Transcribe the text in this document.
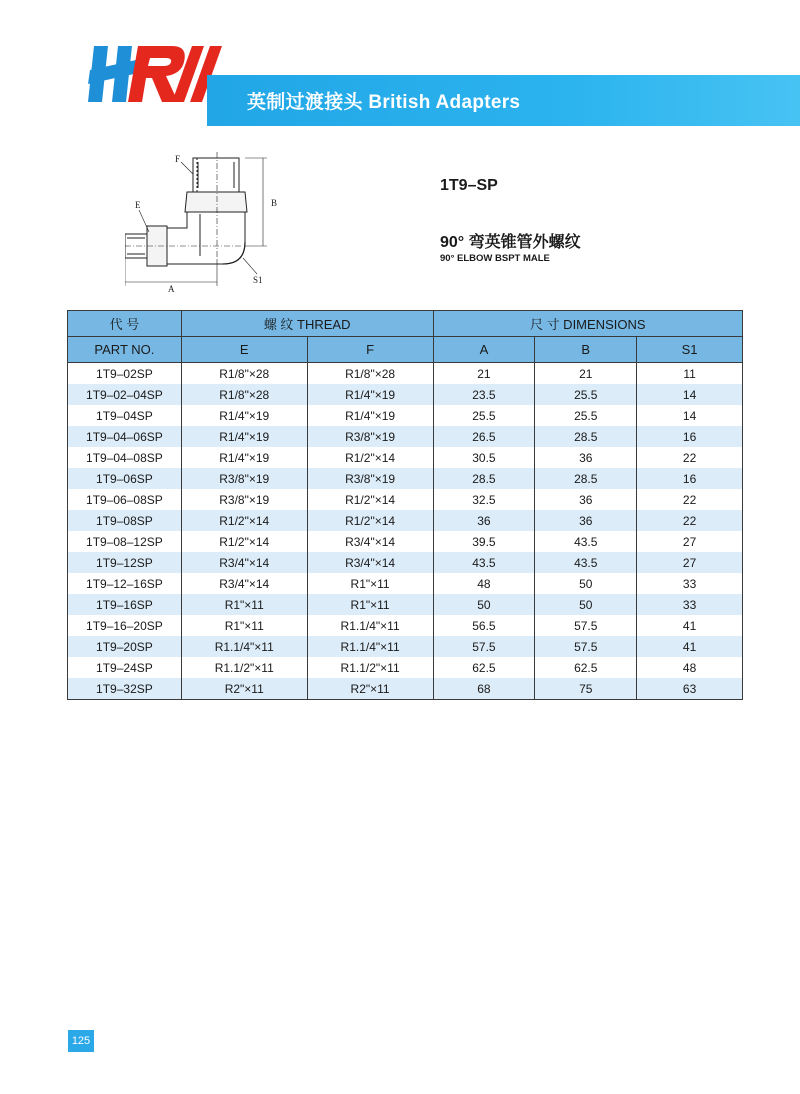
英制过渡接头 British Adapters
F
B
E
S1
A
1T9–SP
90° 弯英锥管外螺纹
90° ELBOW BSPT MALE
代 号	螺 纹 THREAD		尺 寸 DIMENSIONS		
PART NO.	E	F	A	B	S1
1T9–02SP	R1/8"×28	R1/8"×28	21	21	11
1T9–02–04SP	R1/8"×28	R1/4"×19	23.5	25.5	14
1T9–04SP	R1/4"×19	R1/4"×19	25.5	25.5	14
1T9–04–06SP	R1/4"×19	R3/8"×19	26.5	28.5	16
1T9–04–08SP	R1/4"×19	R1/2"×14	30.5	36	22
1T9–06SP	R3/8"×19	R3/8"×19	28.5	28.5	16
1T9–06–08SP	R3/8"×19	R1/2"×14	32.5	36	22
1T9–08SP	R1/2"×14	R1/2"×14	36	36	22
1T9–08–12SP	R1/2"×14	R3/4"×14	39.5	43.5	27
1T9–12SP	R3/4"×14	R3/4"×14	43.5	43.5	27
1T9–12–16SP	R3/4"×14	R1"×11	48	50	33
1T9–16SP	R1"×11	R1"×11	50	50	33
1T9–16–20SP	R1"×11	R1.1/4"×11	56.5	57.5	41
1T9–20SP	R1.1/4"×11	R1.1/4"×11	57.5	57.5	41
1T9–24SP	R1.1/2"×11	R1.1/2"×11	62.5	62.5	48
1T9–32SP	R2"×11	R2"×11	68	75	63
125
